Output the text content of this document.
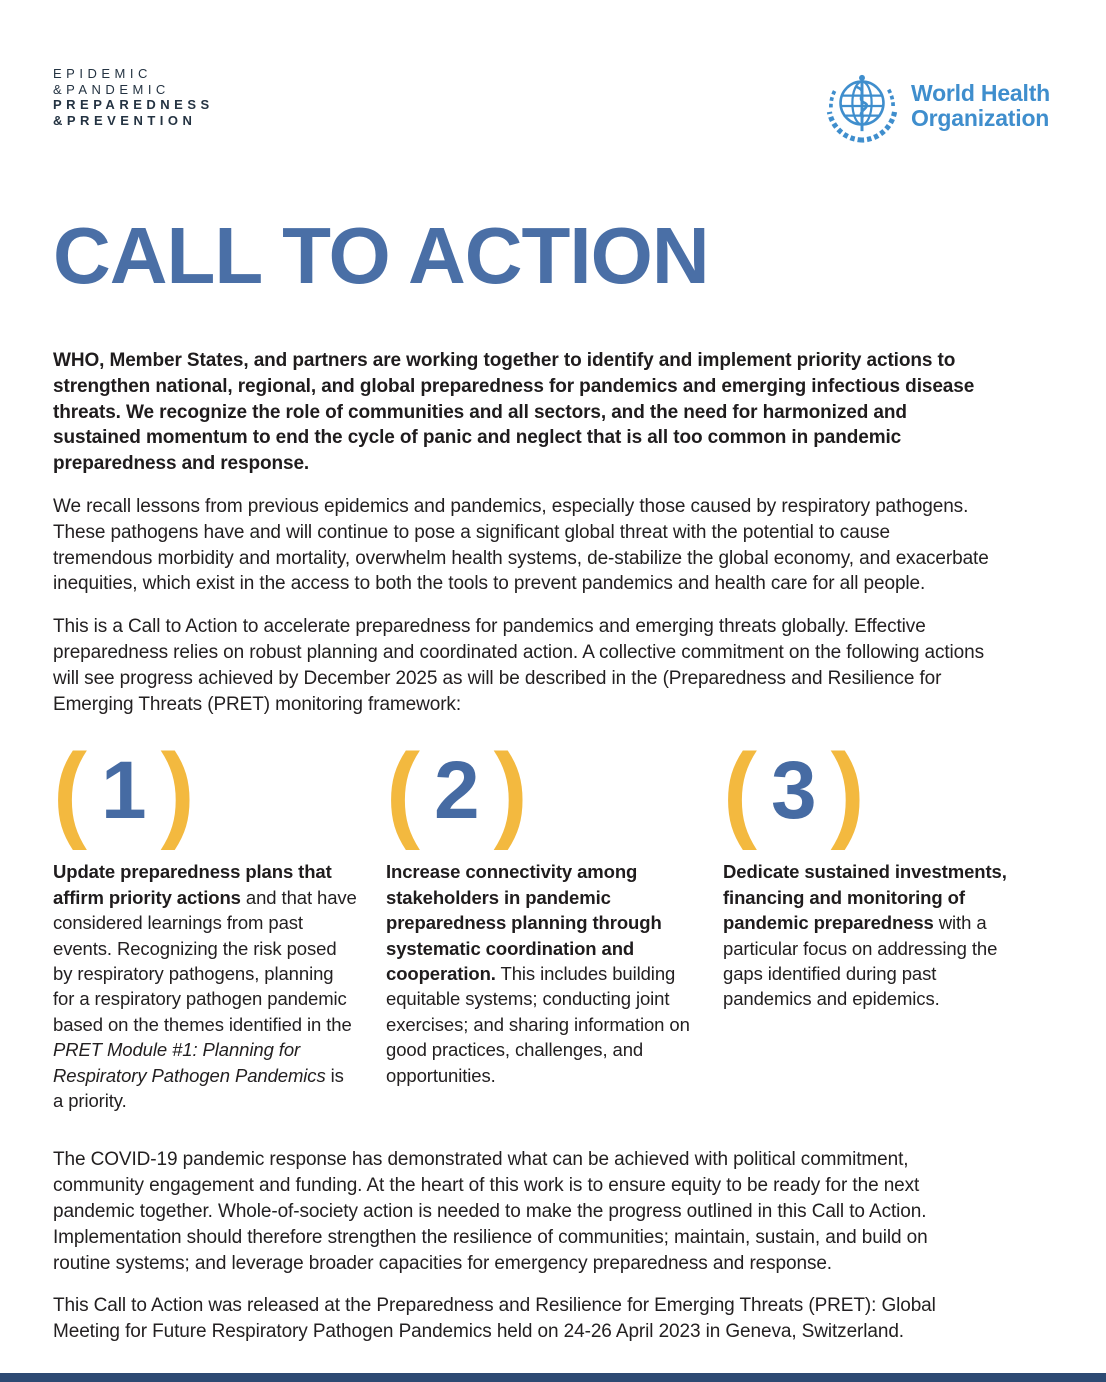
EPIDEMIC
&PANDEMIC
PREPAREDNESS
&PREVENTION
World Health
Organization
CALL TO ACTION

WHO, Member States, and partners are working together to identify and implement priority actions to strengthen national, regional, and global preparedness for pandemics and emerging infectious disease threats. We recognize the role of communities and all sectors, and the need for harmonized and sustained momentum to end the cycle of panic and neglect that is all too common in pandemic preparedness and response.

We recall lessons from previous epidemics and pandemics, especially those caused by respiratory pathogens. These pathogens have and will continue to pose a significant global threat with the potential to cause tremendous morbidity and mortality, overwhelm health systems, de-stabilize the global economy, and exacerbate inequities, which exist in the access to both the tools to prevent pandemics and health care for all people.

This is a Call to Action to accelerate preparedness for pandemics and emerging threats globally. Effective preparedness relies on robust planning and coordinated action. A collective commitment on the following actions will see progress achieved by December 2025 as will be described in the (Preparedness and Resilience for Emerging Threats (PRET) monitoring framework:

( 1 )

Update preparedness plans that affirm priority actions and that have considered learnings from past events. Recognizing the risk posed by respiratory pathogens, planning for a respiratory pathogen pandemic based on the themes identified in the PRET Module #1: Planning for Respiratory Pathogen Pandemics is a priority.

( 2 )

Increase connectivity among stakeholders in pandemic preparedness planning through systematic coordination and cooperation. This includes building equitable systems; conducting joint exercises; and sharing information on good practices, challenges, and opportunities.

( 3 )

Dedicate sustained investments, financing and monitoring of pandemic preparedness with a particular focus on addressing the gaps identified during past pandemics and epidemics.

The COVID-19 pandemic response has demonstrated what can be achieved with political commitment, community engagement and funding. At the heart of this work is to ensure equity to be ready for the next pandemic together. Whole-of-society action is needed to make the progress outlined in this Call to Action. Implementation should therefore strengthen the resilience of communities; maintain, sustain, and build on routine systems; and leverage broader capacities for emergency preparedness and response.

This Call to Action was released at the Preparedness and Resilience for Emerging Threats (PRET): Global Meeting for Future Respiratory Pathogen Pandemics held on 24-26 April 2023 in Geneva, Switzerland.
